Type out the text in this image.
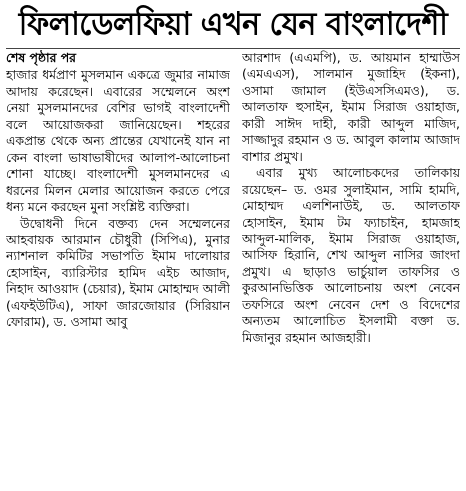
ফিলাডেলফিয়া এখন যেন বাংলাদেশী
শেষ পৃষ্ঠার পর

হাজার ধর্মপ্রাণ মুসলমান একত্রে জুমার নামাজ আদায় করেছেন। এবারের সম্মেলনে অংশ নেয়া মুসলমানদের বেশির ভাগই বাংলাদেশী বলে আয়োজকরা জানিয়েছেন। শহরের একপ্রান্ত থেকে অন্য প্রান্তের যেখানেই যান না কেন বাংলা ভাষাভাষীদের আলাপ-আলোচনা শোনা যাচ্ছে। বাংলাদেশী মুসলমানদের এ ধরনের মিলন মেলার আয়োজন করতে পেরে ধন্য মনে করছেন মুনা সংশ্লিষ্ট ব্যক্তিরা।

উদ্বোধনী দিনে বক্তব্য দেন সম্মেলনের আহবায়ক আরমান চৌধুরী (সিপিএ), মুনার ন্যাশনাল কমিটির সভাপতি ইমাম দালোয়ার হোসাইন, ব্যারিস্টার হামিদ এইচ আজাদ, নিহাদ আওয়াদ (চেয়ার), ইমাম মোহাম্মদ আলী (এফইউটিএ), সাফা জারজোয়ার (সিরিয়ান ফোরাম), ড. ওসামা আবু

আরশাদ (এএমপি), ড. আয়মান হাম্মাউস (এমএএস), সালমান মুজাহিদ (ইকনা), ওসামা জামাল (ইউএসসিএমও), ড. আলতাফ হুসাইন, ইমাম সিরাজ ওয়াহাজ, কারী সাঈদ দাহী, কারী আব্দুল মাজিদ, সাজ্জাদুর রহমান ও ড. আবুল কালাম আজাদ বাশার প্রমুখ।

এবার মুখ্য আলোচকদের তালিকায় রয়েছেন– ড. ওমর সুলাইমান, সামি হামদি, মোহাম্মদ এলশিনাউই, ড. আলতাফ হোসাইন, ইমাম টম ফ্যাচাইন, হামজাহ আব্দুল-মালিক, ইমাম সিরাজ ওয়াহাজ, আসিফ হিরানি, শেখ আব্দুল নাসির জাংদা প্রমুখ। এ ছাড়াও ভার্চুয়াল তাফসির ও কুরআনভিত্তিক আলোচনায় অংশ নেবেন তফসিরে অংশ নেবেন দেশ ও বিদেশের অন্যতম আলোচিত ইসলামী বক্তা ড. মিজানুর রহমান আজহারী।
